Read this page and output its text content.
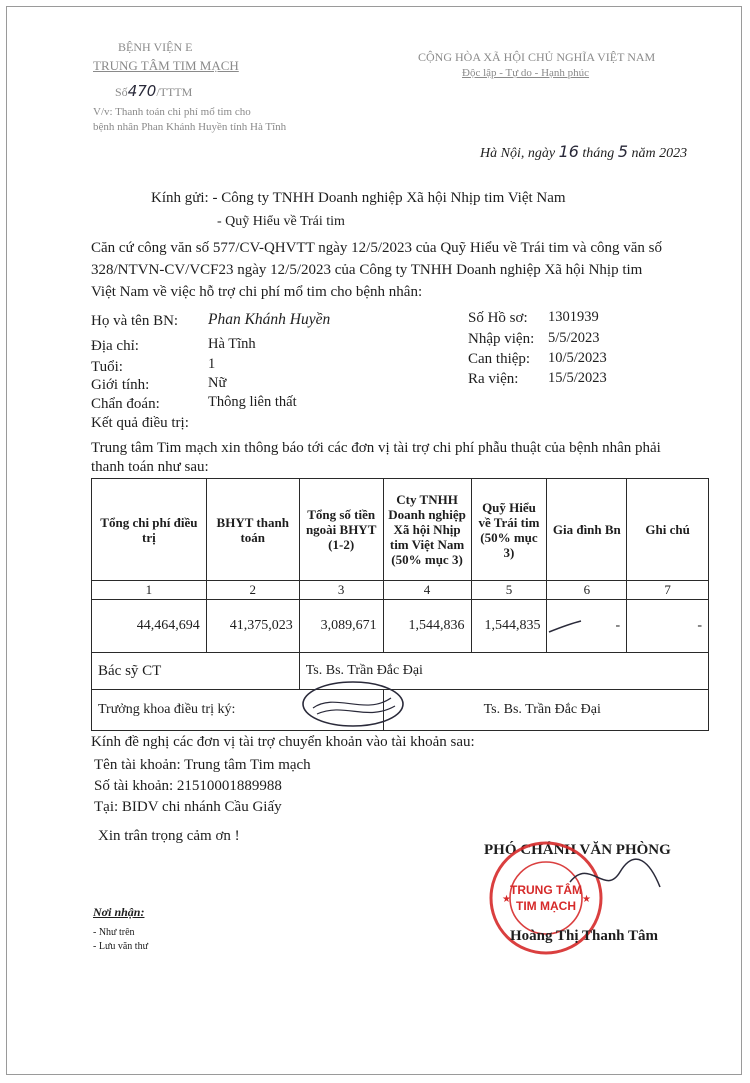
BỆNH VIỆN E
TRUNG TÂM TIM MẠCH
Số470/TTTM
V/v: Thanh toán chi phí mổ tim cho
bệnh nhân Phan Khánh Huyền tỉnh Hà Tĩnh
CỘNG HÒA XÃ HỘI CHỦ NGHĨA VIỆT NAM
Độc lập - Tự do - Hạnh phúc
Hà Nội, ngày 16 tháng 5 năm 2023
Kính gửi: - Công ty TNHH Doanh nghiệp Xã hội Nhịp tim Việt Nam
- Quỹ Hiểu về Trái tim
Căn cứ công văn số 577/CV-QHVTT ngày 12/5/2023 của Quỹ Hiểu về Trái tim và công văn số
328/NTVN-CV/VCF23 ngày 12/5/2023 của Công ty TNHH Doanh nghiệp Xã hội Nhịp tim
Việt Nam về việc hỗ trợ chi phí mổ tim cho bệnh nhân:
Họ và tên BN: Phan Khánh Huyền
Địa chỉ:	Hà Tĩnh
Tuổi:	1
Giới tính:	Nữ
Chẩn đoán:	Thông liên thất
Kết quả điều trị:
Số Hồ sơ: 1301939
Nhập viện: 5/5/2023
Can thiệp: 10/5/2023
Ra viện: 15/5/2023
Trung tâm Tim mạch xin thông báo tới các đơn vị tài trợ chi phí phẫu thuật của bệnh nhân phải
thanh toán như sau:
Tổng chi phí điều trị	BHYT thanh toán	Tổng số tiền ngoài BHYT (1-2)	Cty TNHH Doanh nghiệp Xã hội Nhịp tim Việt Nam (50% mục 3)	Quỹ Hiểu về Trái tim (50% mục 3)	Gia đình Bn	Ghi chú
1	2	3	4	5	6	7
44,464,694	41,375,023	3,089,671	1,544,836	1,544,835	-	-
Bác sỹ CT		Ts. Bs. Trần Đắc Đại				
Trưởng khoa điều trị ký:			Ts. Bs. Trần Đắc Đại			
Kính đề nghị các đơn vị tài trợ chuyển khoản vào tài khoản sau:
Tên tài khoản: Trung tâm Tim mạch
Số tài khoản: 21510001889988
Tại: BIDV chi nhánh Cầu Giấy
Xin trân trọng cảm ơn !
Nơi nhận:
- Như trên
- Lưu văn thư
PHÓ CHÁNH VĂN PHÒNG
TRUNG TÂM TIM MẠCH
★	★
Hoàng Thị Thanh Tâm
